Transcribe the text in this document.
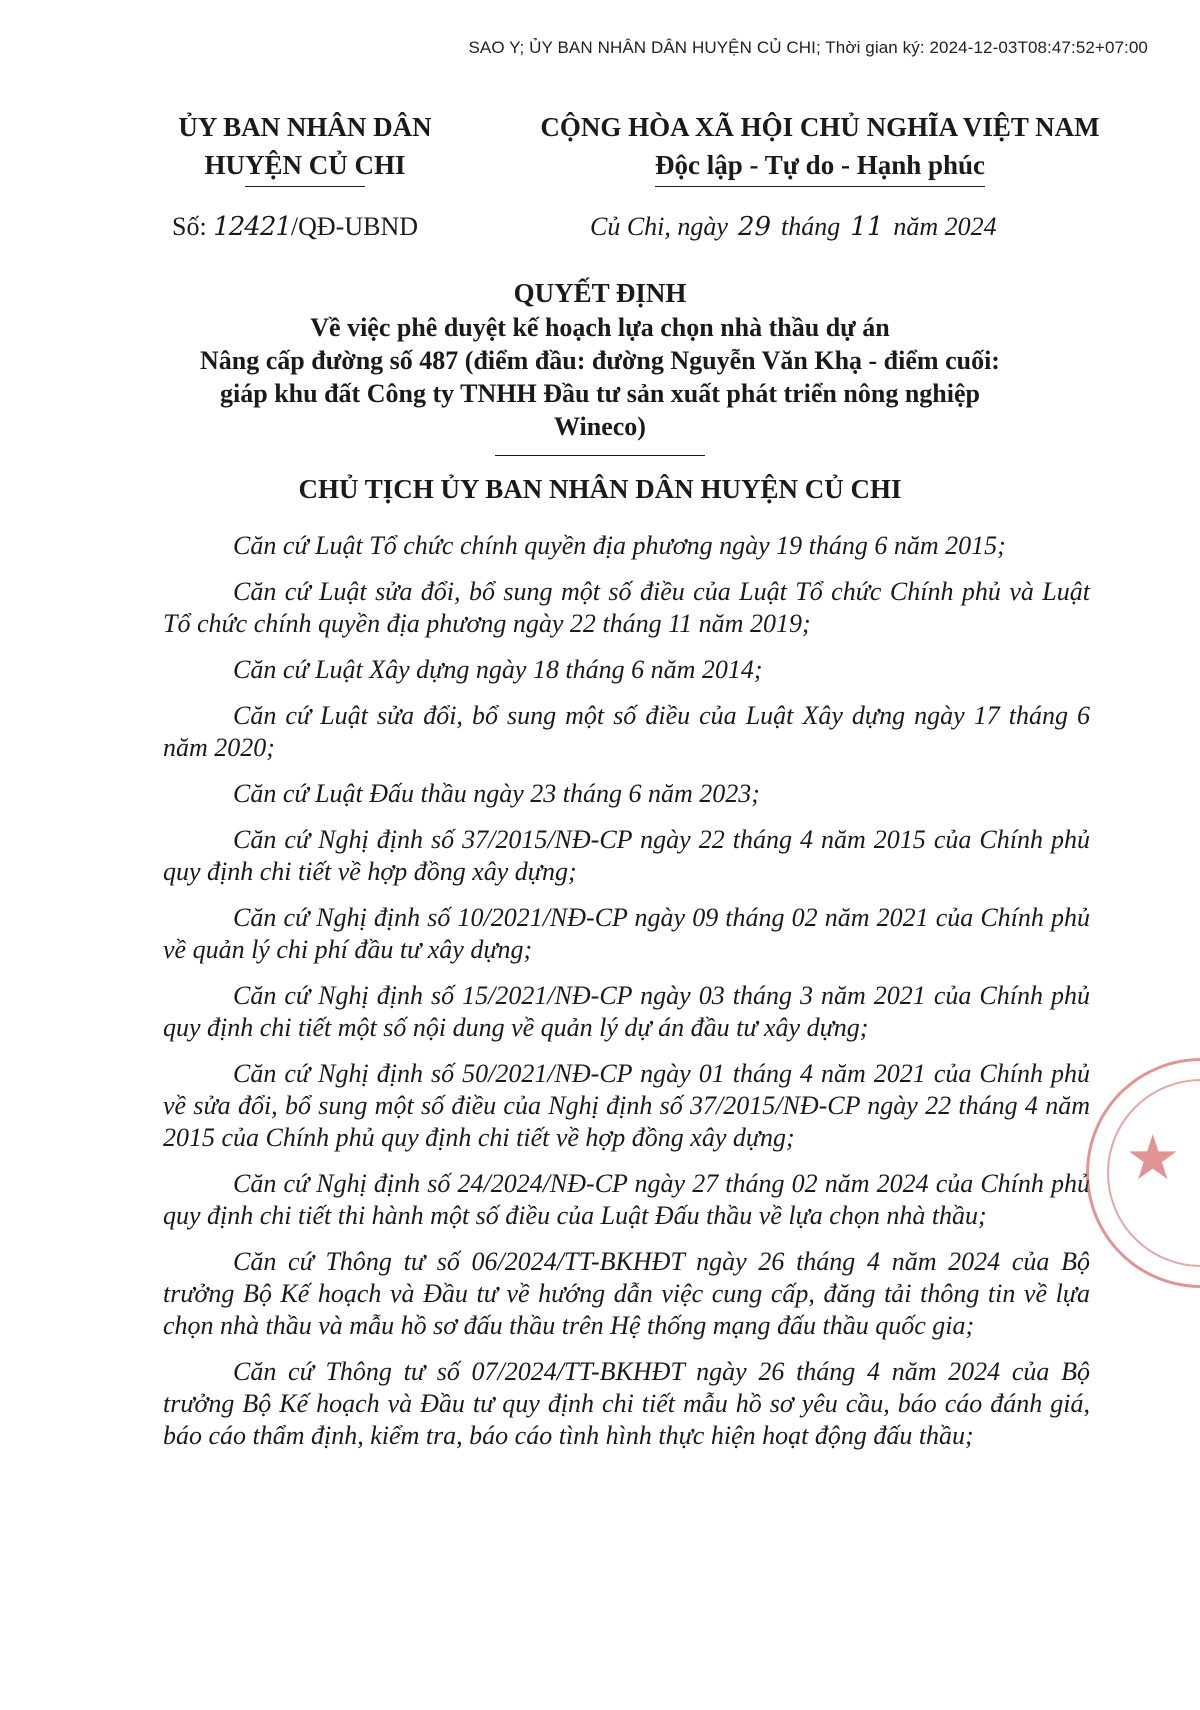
SAO Y; ỦY BAN NHÂN DÂN HUYỆN CỦ CHI; Thời gian ký: 2024-12-03T08:47:52+07:00
ỦY BAN NHÂN DÂN
HUYỆN CỦ CHI
CỘNG HÒA XÃ HỘI CHỦ NGHĨA VIỆT NAM
Độc lập - Tự do - Hạnh phúc
Số: 12421/QĐ-UBND	Củ Chi, ngày 29 tháng 11 năm 2024
QUYẾT ĐỊNH
Về việc phê duyệt kế hoạch lựa chọn nhà thầu dự án
Nâng cấp đường số 487 (điểm đầu: đường Nguyễn Văn Khạ - điểm cuối:
giáp khu đất Công ty TNHH Đầu tư sản xuất phát triển nông nghiệp
Wineco)
CHỦ TỊCH ỦY BAN NHÂN DÂN HUYỆN CỦ CHI

Căn cứ Luật Tổ chức chính quyền địa phương ngày 19 tháng 6 năm 2015;

Căn cứ Luật sửa đổi, bổ sung một số điều của Luật Tổ chức Chính phủ và Luật Tổ chức chính quyền địa phương ngày 22 tháng 11 năm 2019;

Căn cứ Luật Xây dựng ngày 18 tháng 6 năm 2014;

Căn cứ Luật sửa đổi, bổ sung một số điều của Luật Xây dựng ngày 17 tháng 6 năm 2020;

Căn cứ Luật Đấu thầu ngày 23 tháng 6 năm 2023;

Căn cứ Nghị định số 37/2015/NĐ-CP ngày 22 tháng 4 năm 2015 của Chính phủ quy định chi tiết về hợp đồng xây dựng;

Căn cứ Nghị định số 10/2021/NĐ-CP ngày 09 tháng 02 năm 2021 của Chính phủ về quản lý chi phí đầu tư xây dựng;

Căn cứ Nghị định số 15/2021/NĐ-CP ngày 03 tháng 3 năm 2021 của Chính phủ quy định chi tiết một số nội dung về quản lý dự án đầu tư xây dựng;

Căn cứ Nghị định số 50/2021/NĐ-CP ngày 01 tháng 4 năm 2021 của Chính phủ về sửa đổi, bổ sung một số điều của Nghị định số 37/2015/NĐ-CP ngày 22 tháng 4 năm 2015 của Chính phủ quy định chi tiết về hợp đồng xây dựng;

Căn cứ Nghị định số 24/2024/NĐ-CP ngày 27 tháng 02 năm 2024 của Chính phủ quy định chi tiết thi hành một số điều của Luật Đấu thầu về lựa chọn nhà thầu;

Căn cứ Thông tư số 06/2024/TT-BKHĐT ngày 26 tháng 4 năm 2024 của Bộ trưởng Bộ Kế hoạch và Đầu tư về hướng dẫn việc cung cấp, đăng tải thông tin về lựa chọn nhà thầu và mẫu hồ sơ đấu thầu trên Hệ thống mạng đấu thầu quốc gia;

Căn cứ Thông tư số 07/2024/TT-BKHĐT ngày 26 tháng 4 năm 2024 của Bộ trưởng Bộ Kế hoạch và Đầu tư quy định chi tiết mẫu hồ sơ yêu cầu, báo cáo đánh giá, báo cáo thẩm định, kiểm tra, báo cáo tình hình thực hiện hoạt động đấu thầu;

★
